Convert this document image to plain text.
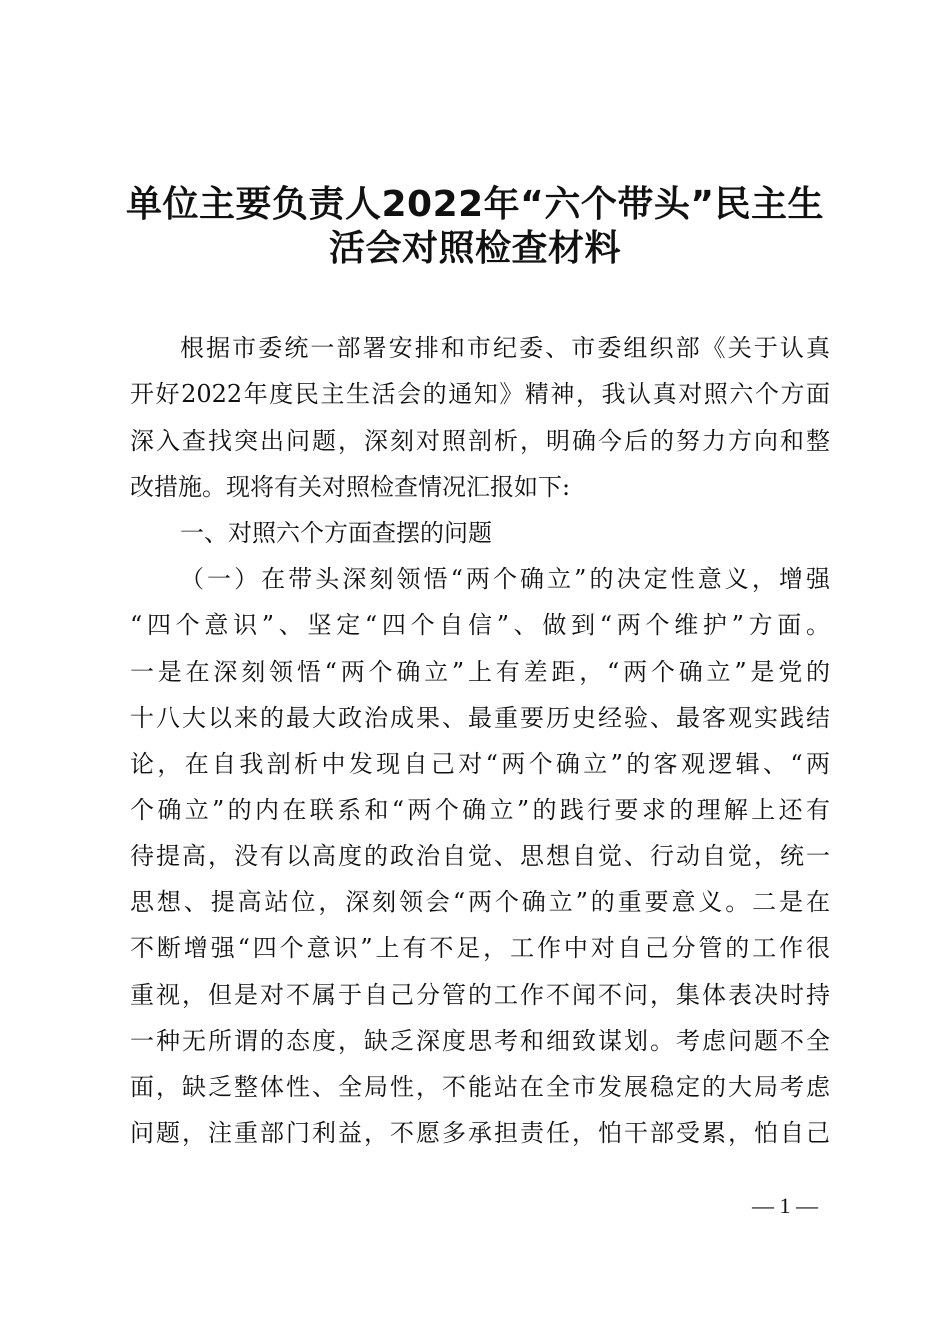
单位主要负责人2022年“六个带头”民主生
活会对照检查材料
根据市委统一部署安排和市纪委、市委组织部《关于认真
开好2022年度民主生活会的通知》精神，我认真对照六个方面
深入查找突出问题，深刻对照剖析，明确今后的努力方向和整
改措施。现将有关对照检查情况汇报如下:
一、对照六个方面查摆的问题
（一）在带头深刻领悟“两个确立”的决定性意义，增强
“四个意识”、坚定“四个自信”、做到“两个维护”方面。
一是在深刻领悟“两个确立”上有差距，“两个确立”是党的
十八大以来的最大政治成果、最重要历史经验、最客观实践结
论，在自我剖析中发现自己对“两个确立”的客观逻辑、“两
个确立”的内在联系和“两个确立”的践行要求的理解上还有
待提高，没有以高度的政治自觉、思想自觉、行动自觉，统一
思想、提高站位，深刻领会“两个确立”的重要意义。二是在
不断增强“四个意识”上有不足，工作中对自己分管的工作很
重视，但是对不属于自己分管的工作不闻不问，集体表决时持
一种无所谓的态度，缺乏深度思考和细致谋划。考虑问题不全
面，缺乏整体性、全局性，不能站在全市发展稳定的大局考虑
问题，注重部门利益，不愿多承担责任，怕干部受累，怕自己
— 1 —
